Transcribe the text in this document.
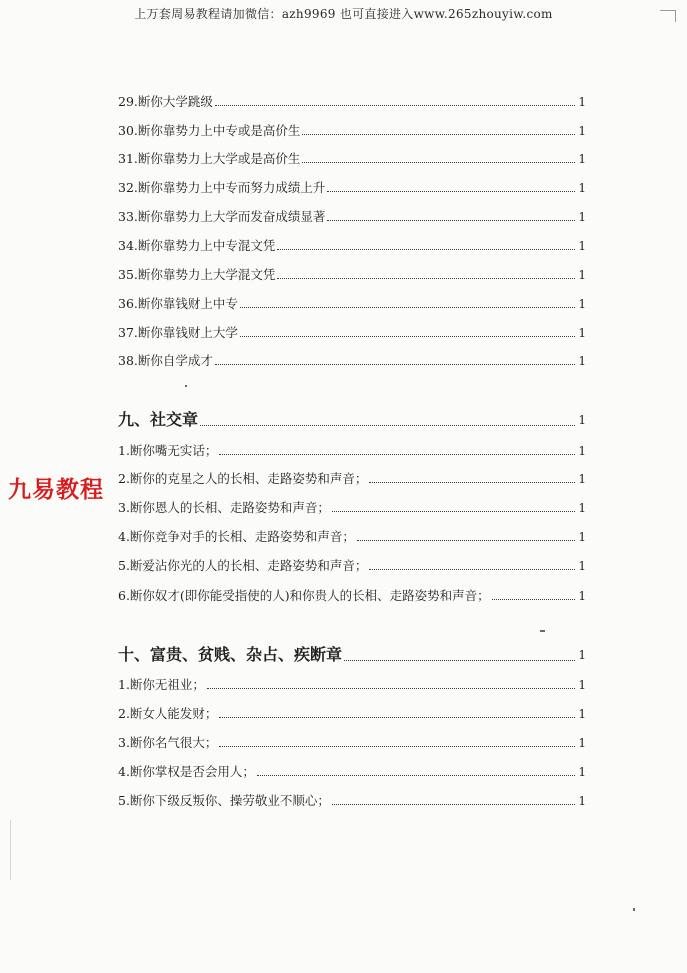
上万套周易教程请加微信：azh9969 也可直接进入www.265zhouyiw.com
29.断你大学跳级	1
30.断你靠势力上中专或是高价生	1
31.断你靠势力上大学或是高价生	1
32.断你靠势力上中专而努力成绩上升	1
33.断你靠势力上大学而发奋成绩显著	1
34.断你靠势力上中专混文凭	1
35.断你靠势力上大学混文凭	1
36.断你靠钱财上中专	1
37.断你靠钱财上大学	1
38.断你自学成才	1
九、社交章	1
1.断你嘴无实话；	1
2.断你的克星之人的长相、走路姿势和声音；	1
3.断你恩人的长相、走路姿势和声音；	1
4.断你竞争对手的长相、走路姿势和声音；	1
5.断爱沾你光的人的长相、走路姿势和声音；	1
6.断你奴才(即你能受指使的人)和你贵人的长相、走路姿势和声音；	1
十、富贵、贫贱、杂占、疾断章	1
1.断你无祖业；	1
2.断女人能发财；	1
3.断你名气很大；	1
4.断你掌权是否会用人；	1
5.断你下级反叛你、操劳敬业不顺心；	1
九易教程
